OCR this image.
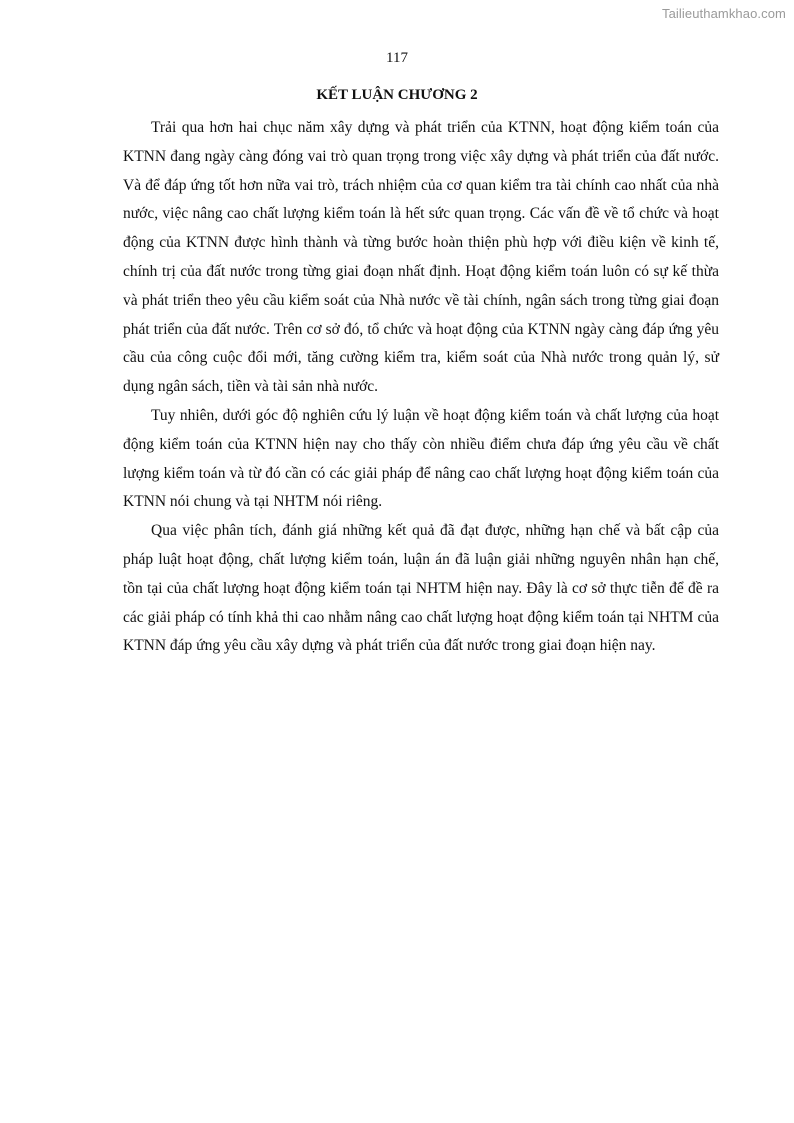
Tailieuthamkhao.com
117
KẾT LUẬN CHƯƠNG 2

Trải qua hơn hai chục năm xây dựng và phát triển của KTNN, hoạt động kiểm toán của KTNN đang ngày càng đóng vai trò quan trọng trong việc xây dựng và phát triển của đất nước. Và để đáp ứng tốt hơn nữa vai trò, trách nhiệm của cơ quan kiểm tra tài chính cao nhất của nhà nước, việc nâng cao chất lượng kiểm toán là hết sức quan trọng. Các vấn đề về tổ chức và hoạt động của KTNN được hình thành và từng bước hoàn thiện phù hợp với điều kiện về kinh tế, chính trị của đất nước trong từng giai đoạn nhất định. Hoạt động kiểm toán luôn có sự kế thừa và phát triển theo yêu cầu kiểm soát của Nhà nước về tài chính, ngân sách trong từng giai đoạn phát triển của đất nước. Trên cơ sở đó, tổ chức và hoạt động của KTNN ngày càng đáp ứng yêu cầu của công cuộc đổi mới, tăng cường kiểm tra, kiểm soát của Nhà nước trong quản lý, sử dụng ngân sách, tiền và tài sản nhà nước.

Tuy nhiên, dưới góc độ nghiên cứu lý luận về hoạt động kiểm toán và chất lượng của hoạt động kiểm toán của KTNN hiện nay cho thấy còn nhiều điểm chưa đáp ứng yêu cầu về chất lượng kiểm toán và từ đó cần có các giải pháp để nâng cao chất lượng hoạt động kiểm toán của KTNN nói chung và tại NHTM nói riêng.

Qua việc phân tích, đánh giá những kết quả đã đạt được, những hạn chế và bất cập của pháp luật hoạt động, chất lượng kiểm toán, luận án đã luận giải những nguyên nhân hạn chế, tồn tại của chất lượng hoạt động kiểm toán tại NHTM hiện nay. Đây là cơ sở thực tiễn để đề ra các giải pháp có tính khả thi cao nhằm nâng cao chất lượng hoạt động kiểm toán tại NHTM của KTNN đáp ứng yêu cầu xây dựng và phát triển của đất nước trong giai đoạn hiện nay.
